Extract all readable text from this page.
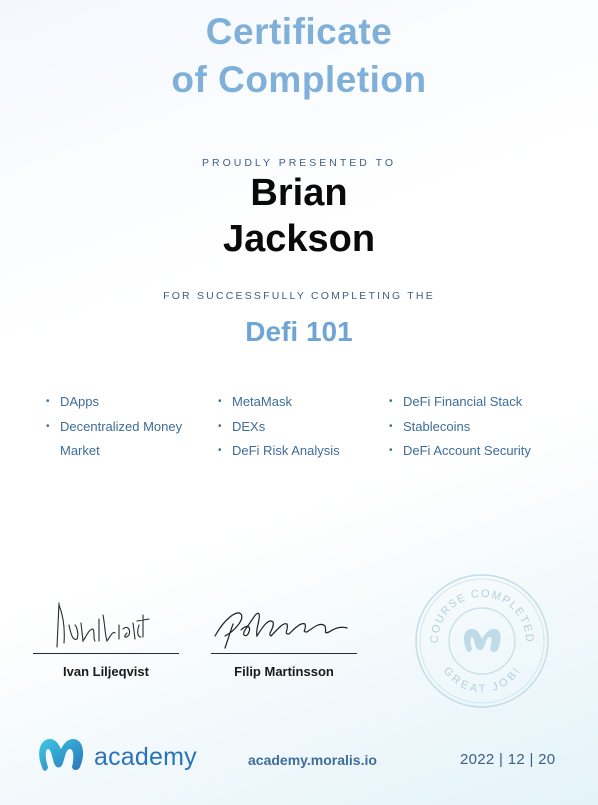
Certificate
of Completion
PROUDLY PRESENTED TO
Brian
Jackson
FOR SUCCESSFULLY COMPLETING THE
Defi 101
• DApps
• Decentralized Money Market
• MetaMask
• DEXs
• DeFi Risk Analysis
• DeFi Financial Stack
• Stablecoins
• DeFi Account Security
Ivan Liljeqvist	Filip Martinsson
COURSE COMPLETED
GREAT JOB!
academy	academy.moralis.io	2022 | 12 | 20
